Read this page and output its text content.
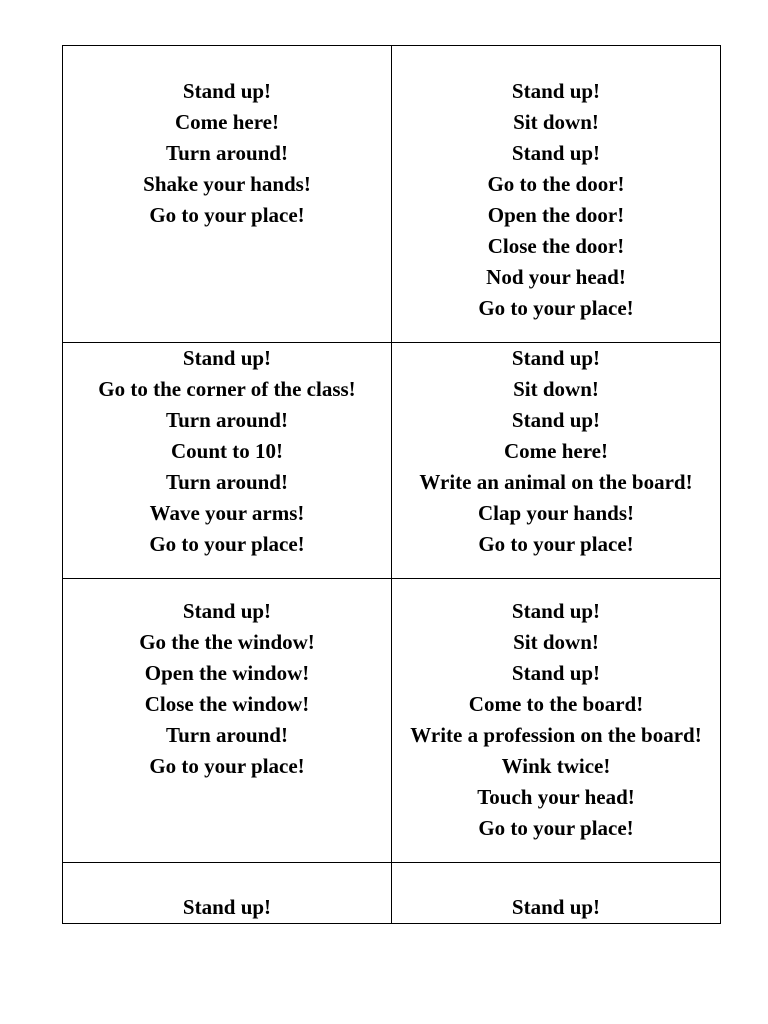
Stand up!
Come here!
Turn around!
Shake your hands!
Go to your place!
Stand up!
Sit down!
Stand up!
Go to the door!
Open the door!
Close the door!
Nod your head!
Go to your place!
Stand up!
Go to the corner of the class!
Turn around!
Count to 10!
Turn around!
Wave your arms!
Go to your place!
Stand up!
Sit down!
Stand up!
Come here!
Write an animal on the board!
Clap your hands!
Go to your place!
Stand up!
Go the the window!
Open the window!
Close the window!
Turn around!
Go to your place!
Stand up!
Sit down!
Stand up!
Come to the board!
Write a profession on the board!
Wink twice!
Touch your head!
Go to your place!
Stand up!	Stand up!
